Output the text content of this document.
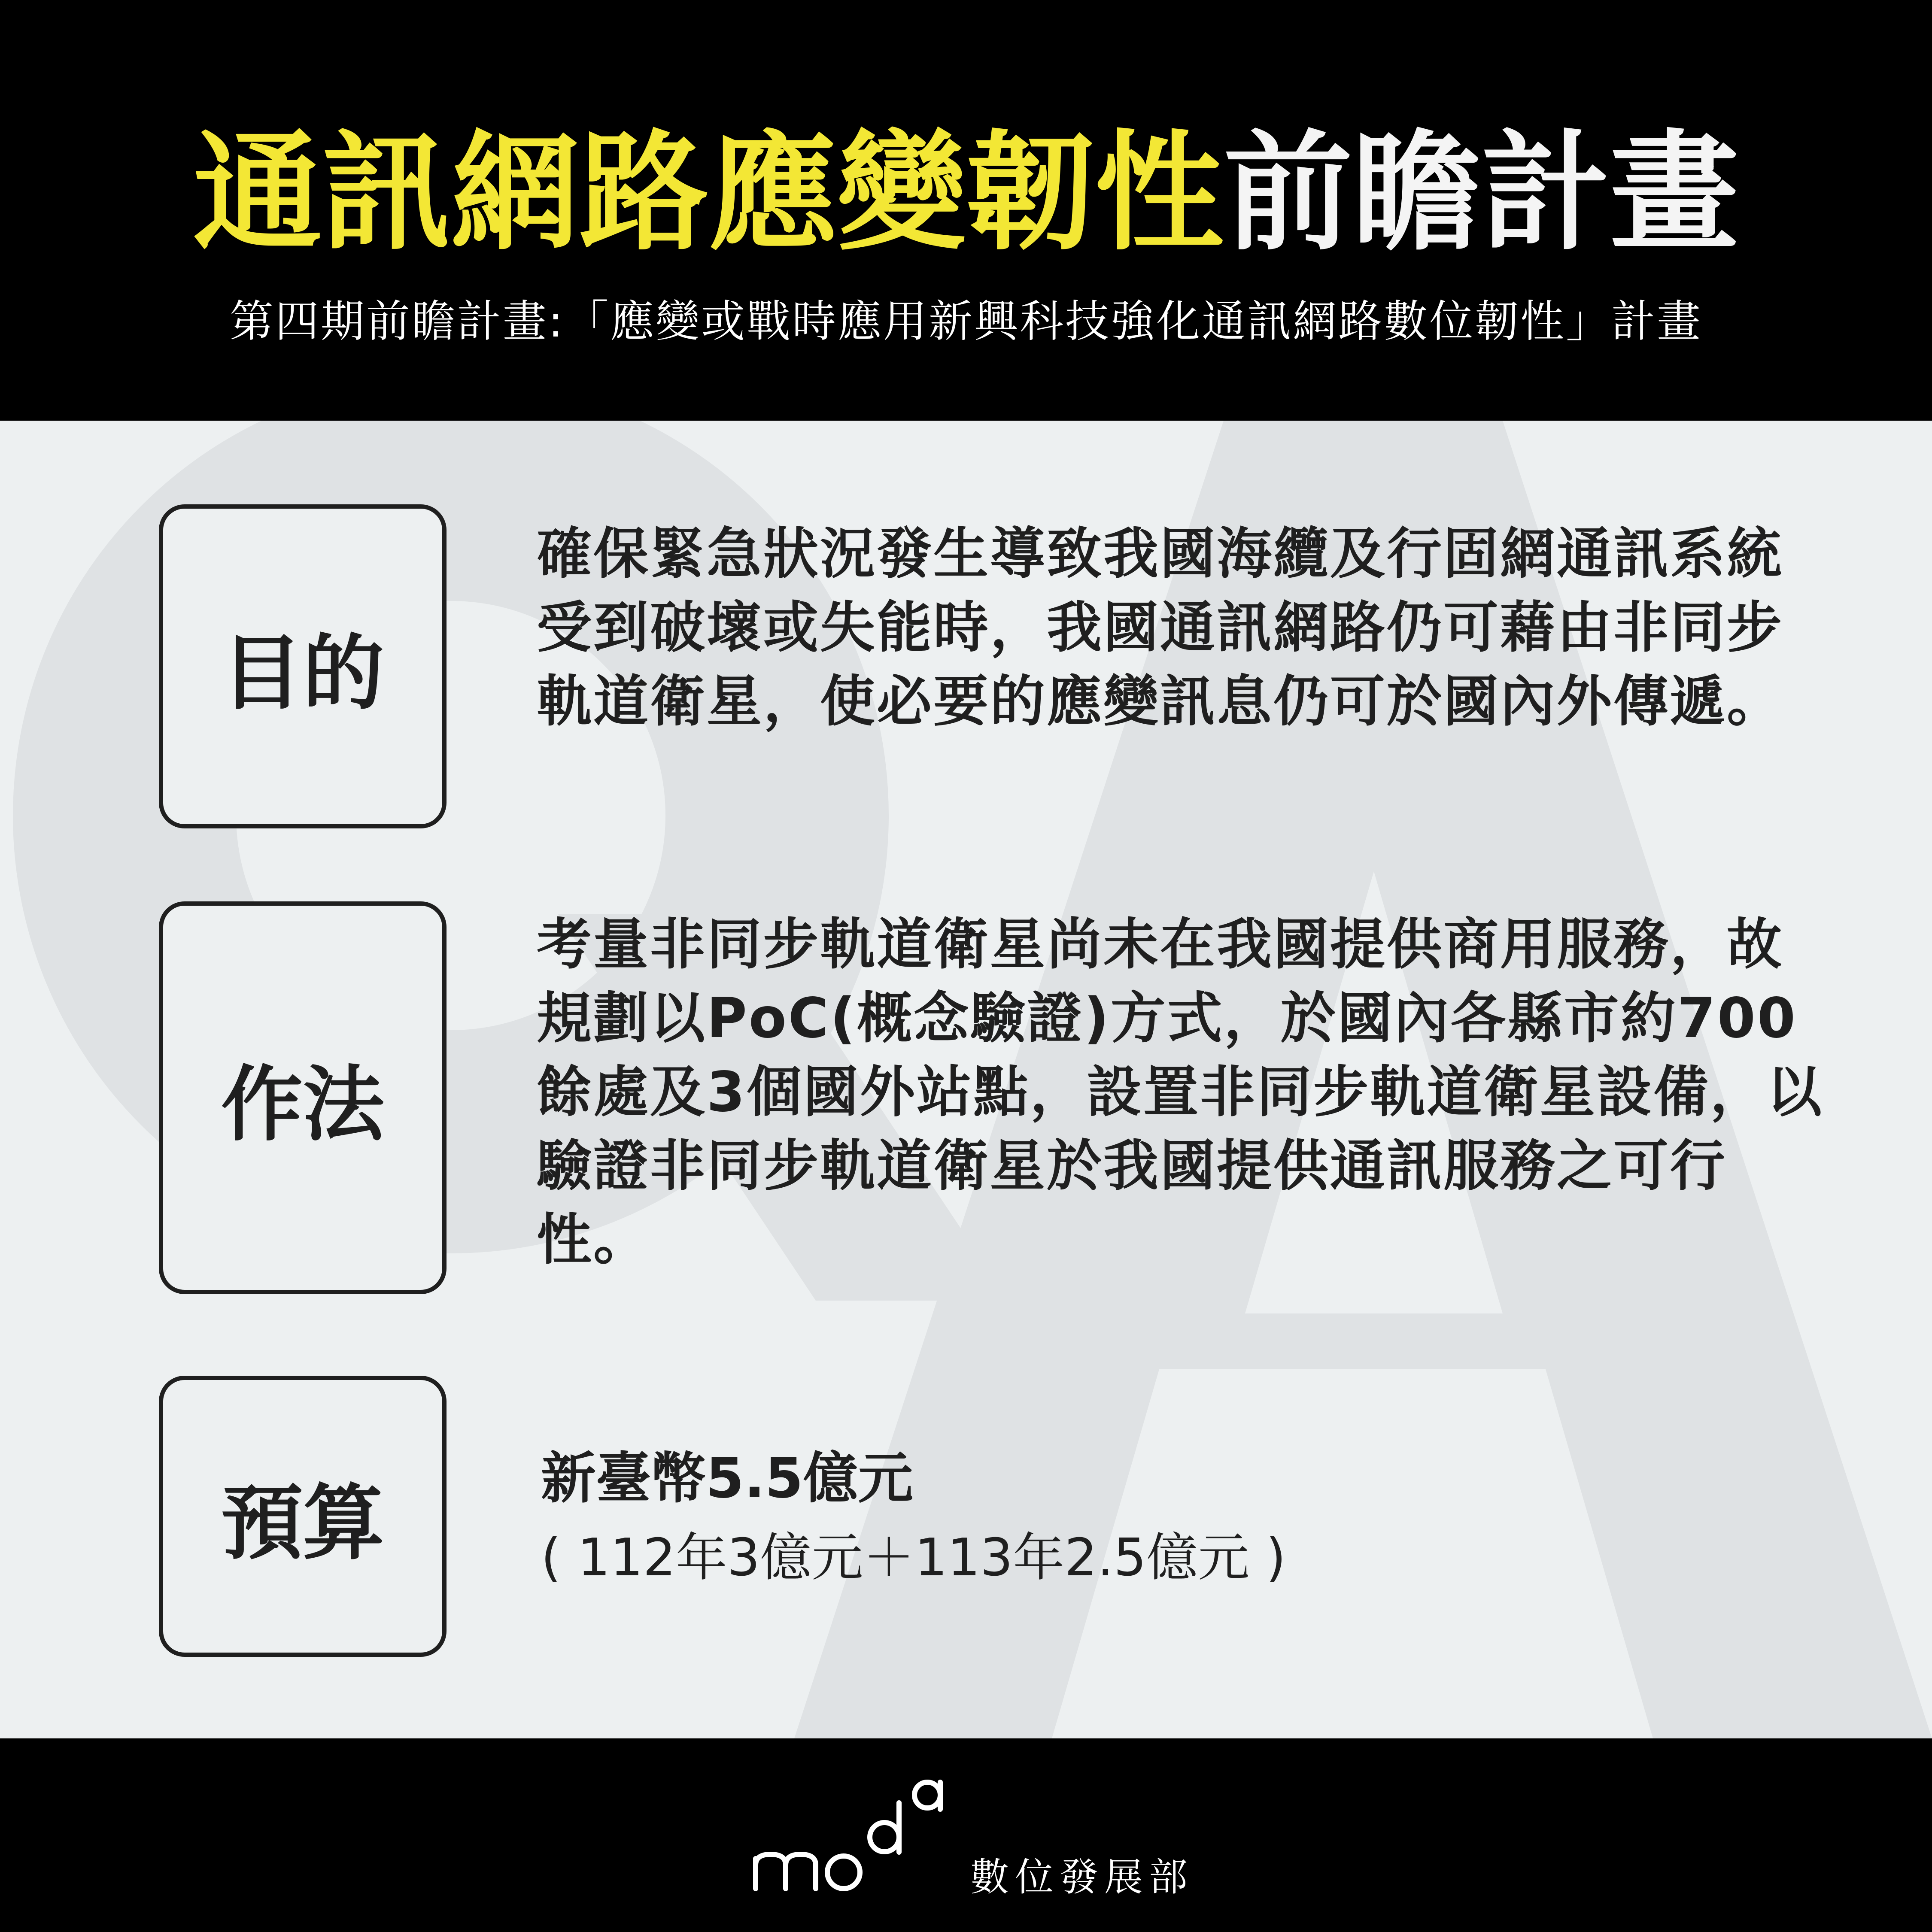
通訊網路應變韌性前瞻計畫
第四期前瞻計畫:「應變或戰時應用新興科技強化通訊網路數位韌性」計畫
目的
確保緊急狀況發生導致我國海纜及行固網通訊系統受到破壞或失能時，我國通訊網路仍可藉由非同步軌道衛星，使必要的應變訊息仍可於國內外傳遞。
作法
考量非同步軌道衛星尚未在我國提供商用服務，故規劃以PoC(概念驗證)方式，於國內各縣市約700餘處及3個國外站點，設置非同步軌道衛星設備，以驗證非同步軌道衛星於我國提供通訊服務之可行性。
預算	新臺幣5.5億元
( 112年3億元＋113年2.5億元 )
數位發展部
